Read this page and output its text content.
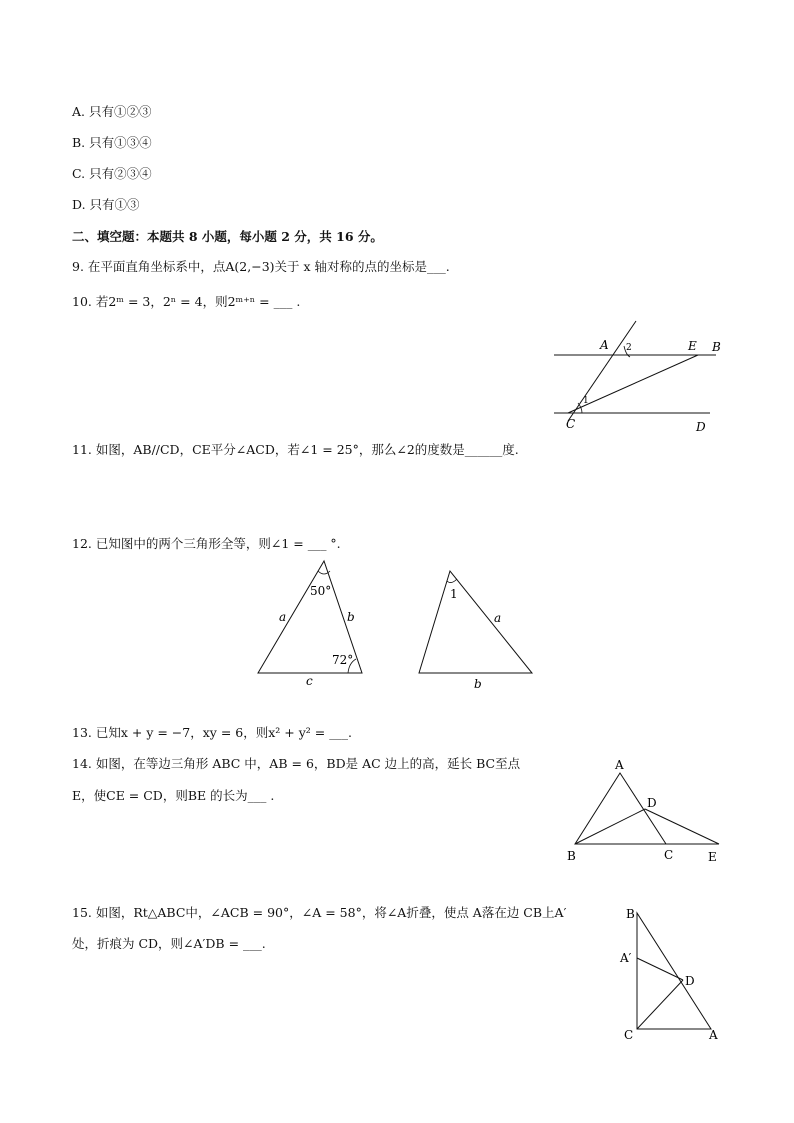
A. 只有①②③
B. 只有①③④
C. 只有②③④
D. 只有①③
二、填空题：本题共 8 小题，每小题 2 分，共 16 分。
9. 在平面直角坐标系中，点A(2,−3)关于 x 轴对称的点的坐标是___.
10. 若2ᵐ = 3，2ⁿ = 4，则2ᵐ⁺ⁿ = ___ .
11. 如图，AB//CD，CE平分∠ACD，若∠1 = 25°，那么∠2的度数是______度.
12. 已知图中的两个三角形全等，则∠1 = ___ °.
13. 已知x + y = −7，xy = 6，则x² + y² = ___.
14. 如图，在等边三角形 ABC 中，AB = 6，BD是 AC 边上的高，延长 BC至点
E，使CE = CD，则BE 的长为___ .
15. 如图，Rt△ABC中，∠ACB = 90°，∠A = 58°，将∠A折叠，使点 A落在边 CB上A′
处，折痕为 CD，则∠A′DB = ___.
A 2	E B
1
C	D
50°
72°
a	b
c
1
a
b
A
D
B	C	E
B
A′
D
C	A
